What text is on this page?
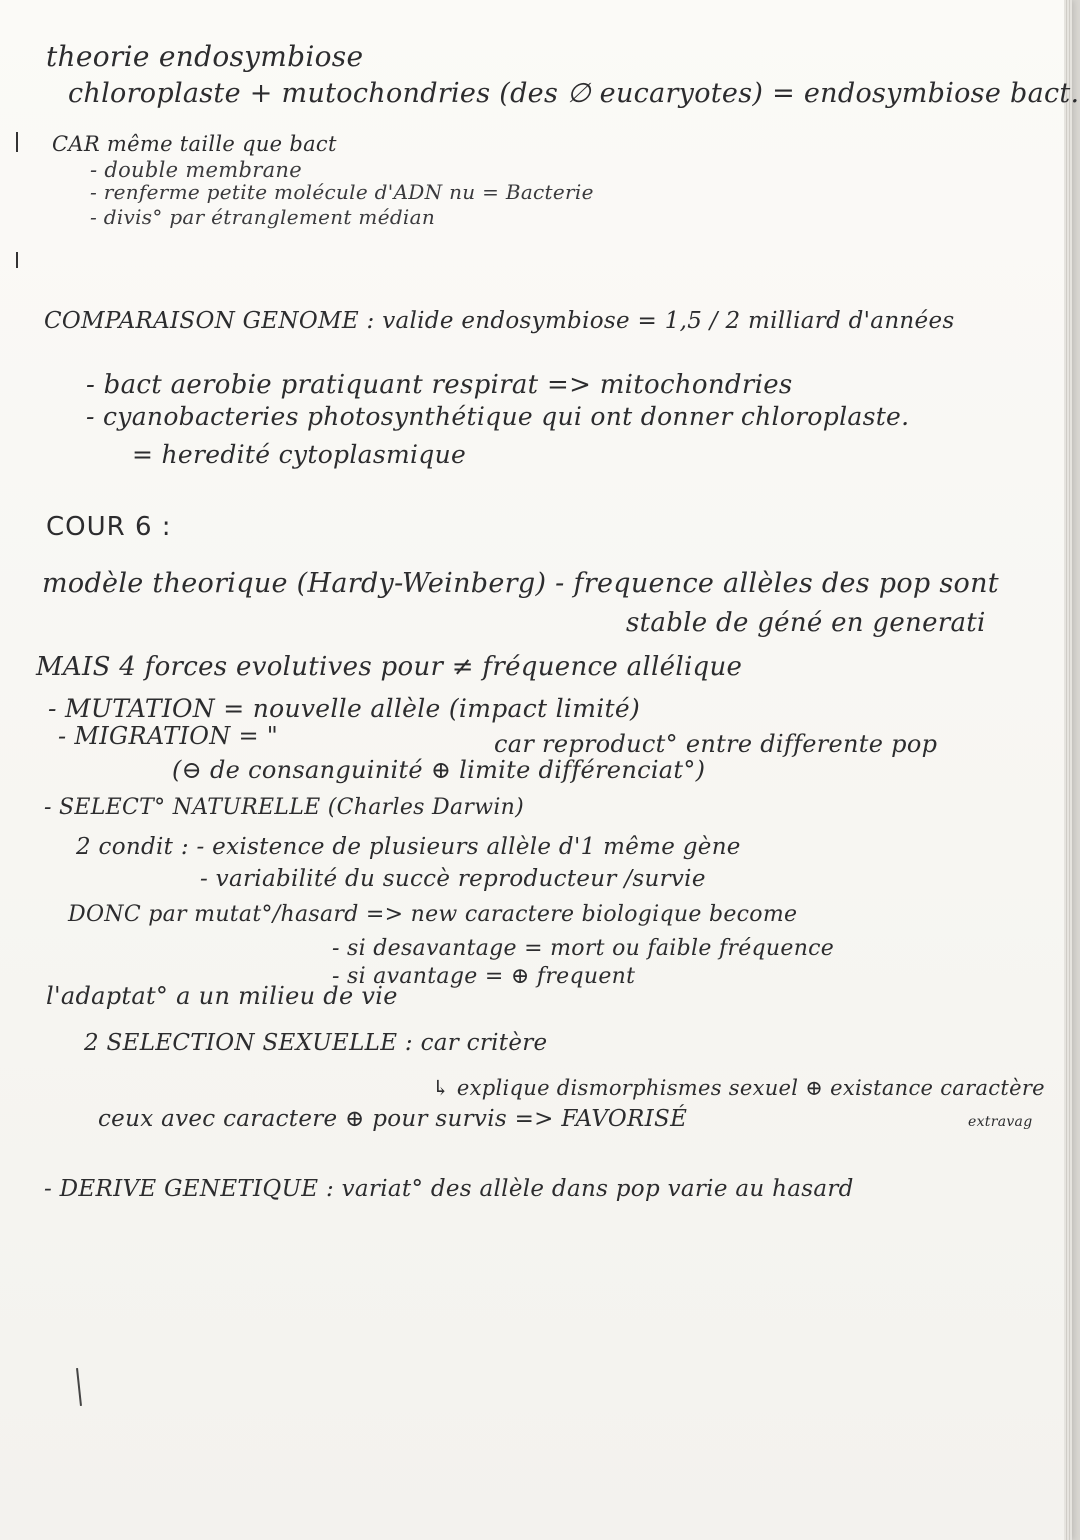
theorie endosymbiose
chloroplaste + mutochondries (des ∅ eucaryotes) = endosymbiose bact.
CAR même taille que bact
- double membrane
- renferme petite molécule d'ADN nu = Bacterie
- divis° par étranglement médian
COMPARAISON GENOME : valide endosymbiose = 1,5 / 2 milliard d'années
- bact aerobie pratiquant respirat => mitochondries
- cyanobacteries photosynthétique qui ont donner chloroplaste.
= heredité cytoplasmique
COUR 6 :
modèle theorique (Hardy-Weinberg) - frequence allèles des pop sont
stable de géné en generati
MAIS 4 forces evolutives pour ≠ fréquence allélique
- MUTATION = nouvelle allèle (impact limité)
- MIGRATION = "	car reproduct° entre differente pop
(⊖ de consanguinité ⊕ limite différenciat°)
- SELECT° NATURELLE (Charles Darwin)
2 condit : - existence de plusieurs allèle d'1 même gène
- variabilité du succè reproducteur /survie
DONC par mutat°/hasard => new caractere biologique become
- si desavantage = mort ou faible fréquence
- si avantage = ⊕ frequent
l'adaptat° a un milieu de vie
2 SELECTION SEXUELLE : car critère
↳ explique dismorphismes sexuel ⊕ existance caractère
extravag
ceux avec caractere ⊕ pour survis => FAVORISÉ
- DERIVE GENETIQUE : variat° des allèle dans pop varie au hasard
